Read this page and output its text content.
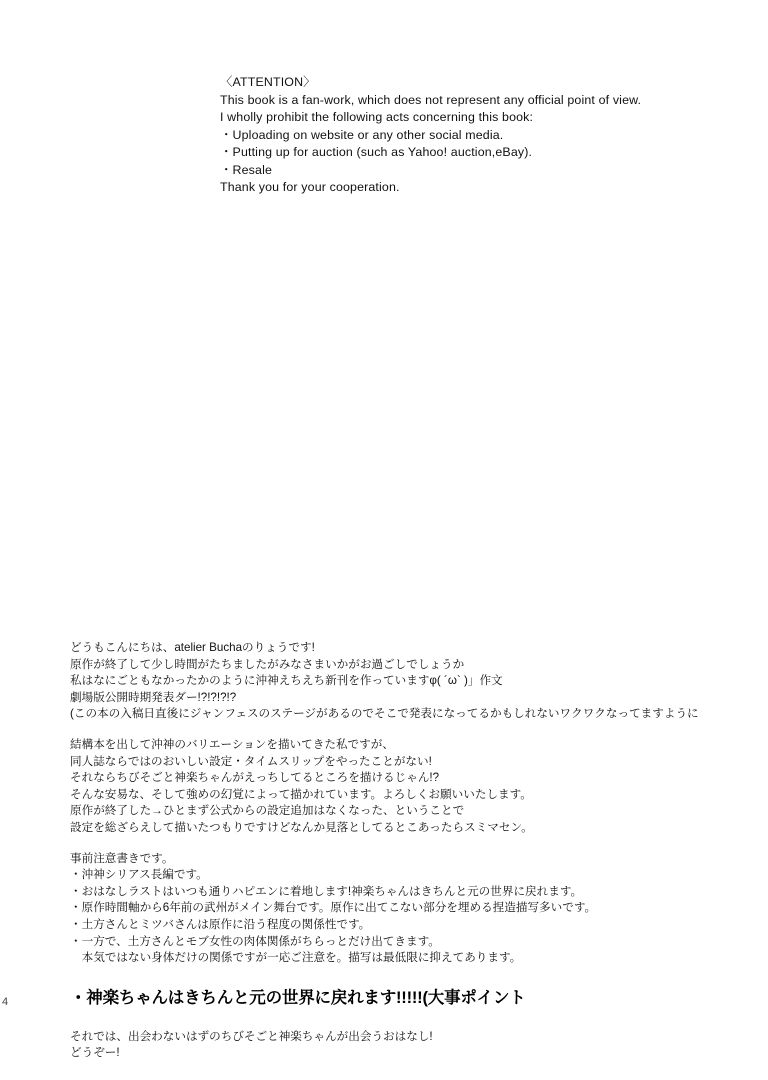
〈ATTENTION〉
This book is a fan-work, which does not represent any official point of view.
I wholly prohibit the following acts concerning this book:
・Uploading on website or any other social media.
・Putting up for auction (such as Yahoo! auction,eBay).
・Resale
Thank you for your cooperation.
どうもこんにちは、atelier Buchaのりょうです!
原作が終了して少し時間がたちましたがみなさまいかがお過ごしでしょうか
私はなにごともなかったかのように沖神えちえち新刊を作っていますφ( ´ω` )」作文
劇場版公開時期発表ダー!?!?!?!?
(この本の入稿日直後にジャンフェスのステージがあるのでそこで発表になってるかもしれないワクワクなってますように
結構本を出して沖神のバリエーションを描いてきた私ですが、
同人誌ならではのおいしい設定・タイムスリップをやったことがない!
それならちびそごと神楽ちゃんがえっちしてるところを描けるじゃん!?
そんな安易な、そして強めの幻覚によって描かれています。よろしくお願いいたします。
原作が終了した→ひとまず公式からの設定追加はなくなった、ということで
設定を総ざらえして描いたつもりですけどなんか見落としてるとこあったらスミマセン。
事前注意書きです。
・沖神シリアス長編です。
・おはなしラストはいつも通りハピエンに着地します!神楽ちゃんはきちんと元の世界に戻れます。
・原作時間軸から6年前の武州がメイン舞台です。原作に出てこない部分を埋める捏造描写多いです。
・土方さんとミツバさんは原作に沿う程度の関係性です。
・一方で、土方さんとモブ女性の肉体関係がちらっとだけ出てきます。
　本気ではない身体だけの関係ですが一応ご注意を。描写は最低限に抑えてあります。
・神楽ちゃんはきちんと元の世界に戻れます!!!!!(大事ポイント
それでは、出会わないはずのちびそごと神楽ちゃんが出会うおはなし!
どうぞー!
4
